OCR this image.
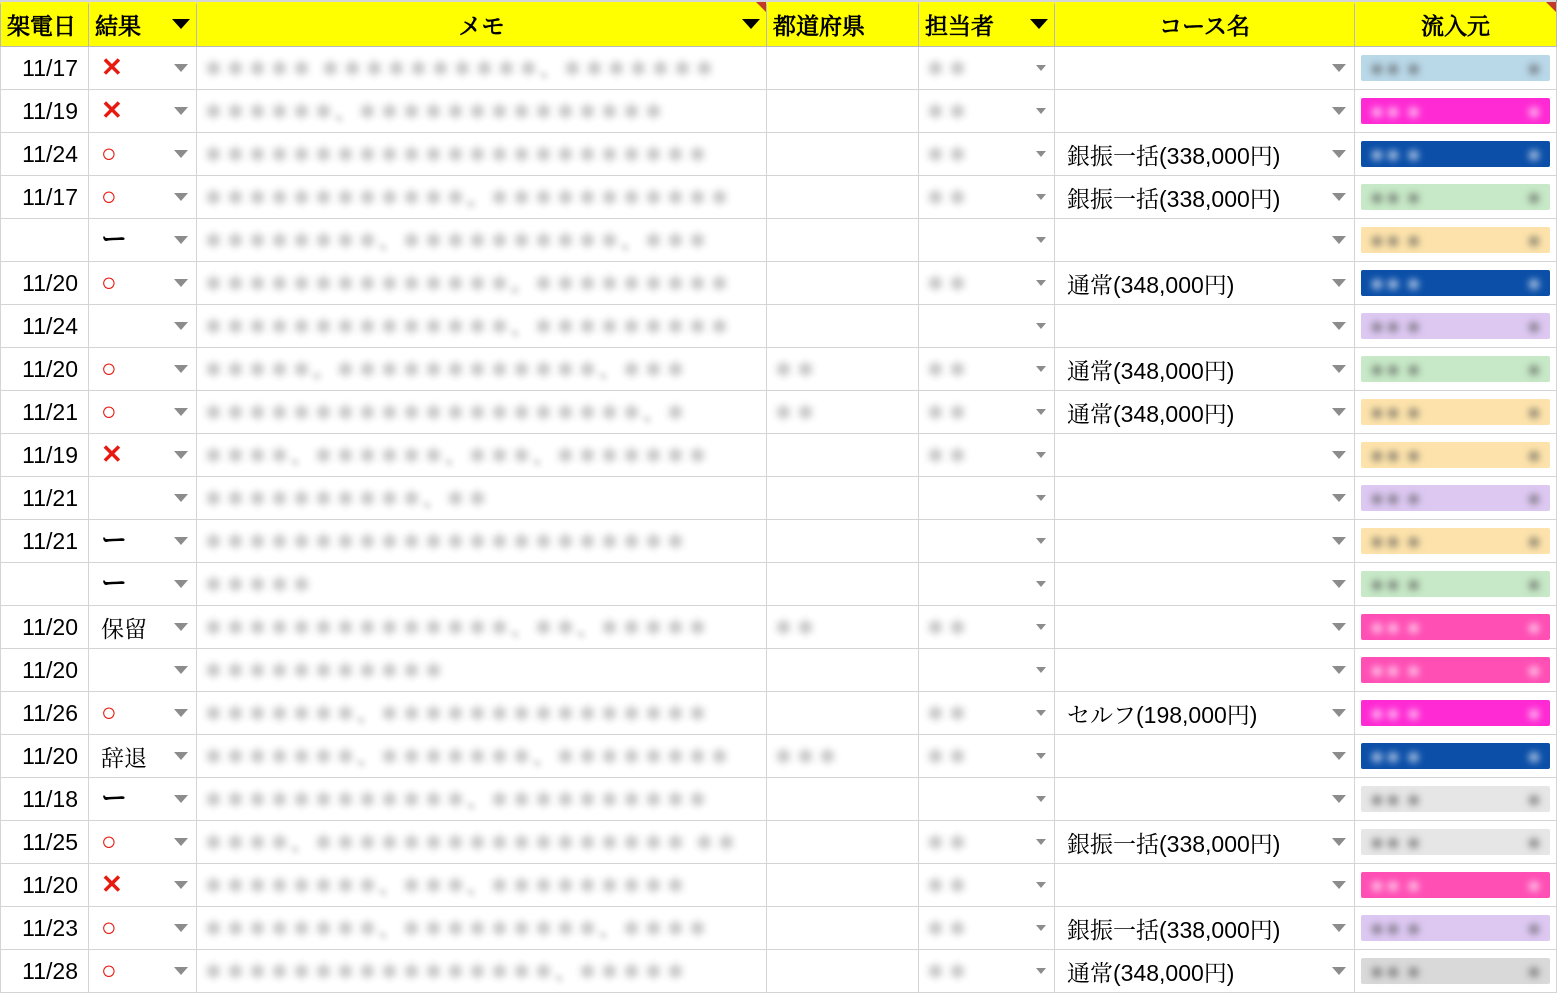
架電日	結果	メモ	都道府県	担当者	コース名	流入元

11/17	✕	＊＊＊＊＊ ＊＊＊＊＊＊＊＊＊＊、＊＊＊＊＊＊＊		＊＊		＊＊ ＊ ＊

11/19	✕	＊＊＊＊＊＊、＊＊＊＊＊＊＊＊＊＊＊＊＊＊		＊＊		＊＊ ＊ ＊

11/24	○	＊＊＊＊＊＊＊＊＊＊＊＊＊＊＊＊＊＊＊＊＊＊＊		＊＊	銀振一括(338,000円)	＊＊ ＊ ＊

11/17	○	＊＊＊＊＊＊＊＊＊＊＊＊。＊＊＊＊＊＊＊＊＊＊＊		＊＊	銀振一括(338,000円)	＊＊ ＊ ＊

	ー	＊＊＊＊＊＊＊＊、＊＊＊＊＊＊＊＊＊＊、＊＊＊				＊＊ ＊ ＊

11/20	○	＊＊＊＊＊＊＊＊＊＊＊＊＊＊。＊＊＊＊＊＊＊＊＊		＊＊	通常(348,000円)	＊＊ ＊ ＊

11/24		＊＊＊＊＊＊＊＊＊＊＊＊＊＊、＊＊＊＊＊＊＊＊＊				＊＊ ＊ ＊

11/20	○	＊＊＊＊＊。＊＊＊＊＊＊＊＊＊＊＊＊、＊＊＊	＊＊	＊＊	通常(348,000円)	＊＊ ＊ ＊

11/21	○	＊＊＊＊＊＊＊＊＊＊＊＊＊＊＊＊＊＊＊＊、＊	＊＊	＊＊	通常(348,000円)	＊＊ ＊ ＊

11/19	✕	＊＊＊＊、＊＊＊＊＊＊、＊＊＊、＊＊＊＊＊＊＊		＊＊		＊＊ ＊ ＊

11/21		＊＊＊＊＊＊＊＊＊＊、＊＊				＊＊ ＊ ＊

11/21	ー	＊＊＊＊＊＊＊＊＊＊＊＊＊＊＊＊＊＊＊＊＊＊				＊＊ ＊ ＊

	ー	＊＊＊＊＊				＊＊ ＊ ＊

11/20	保留	＊＊＊＊＊＊＊＊＊＊＊＊＊＊、＊＊、＊＊＊＊＊	＊＊	＊＊		＊＊ ＊ ＊

11/20		＊＊＊＊＊＊＊＊＊＊＊				＊＊ ＊ ＊

11/26	○	＊＊＊＊＊＊＊、＊＊＊＊＊＊＊＊＊＊＊＊＊＊＊		＊＊	セルフ(198,000円)	＊＊ ＊ ＊

11/20	辞退	＊＊＊＊＊＊＊、＊＊＊＊＊＊＊、＊＊＊＊＊＊＊＊	＊＊＊	＊＊		＊＊ ＊ ＊

11/18	ー	＊＊＊＊＊＊＊＊＊＊＊＊、＊＊＊＊＊＊＊＊＊＊				＊＊ ＊ ＊

11/25	○	＊＊＊＊、＊＊＊＊＊＊＊＊＊＊＊＊＊＊＊＊＊ ＊＊		＊＊	銀振一括(338,000円)	＊＊ ＊ ＊

11/20	✕	＊＊＊＊＊＊＊＊、＊＊＊、＊＊＊＊＊＊＊＊＊		＊＊		＊＊ ＊ ＊

11/23	○	＊＊＊＊＊＊＊＊、＊＊＊＊＊＊＊＊＊、＊＊＊＊		＊＊	銀振一括(338,000円)	＊＊ ＊ ＊

11/28	○	＊＊＊＊＊＊＊＊＊＊＊＊＊＊＊＊、＊＊＊＊＊		＊＊	通常(348,000円)	＊＊ ＊ ＊
